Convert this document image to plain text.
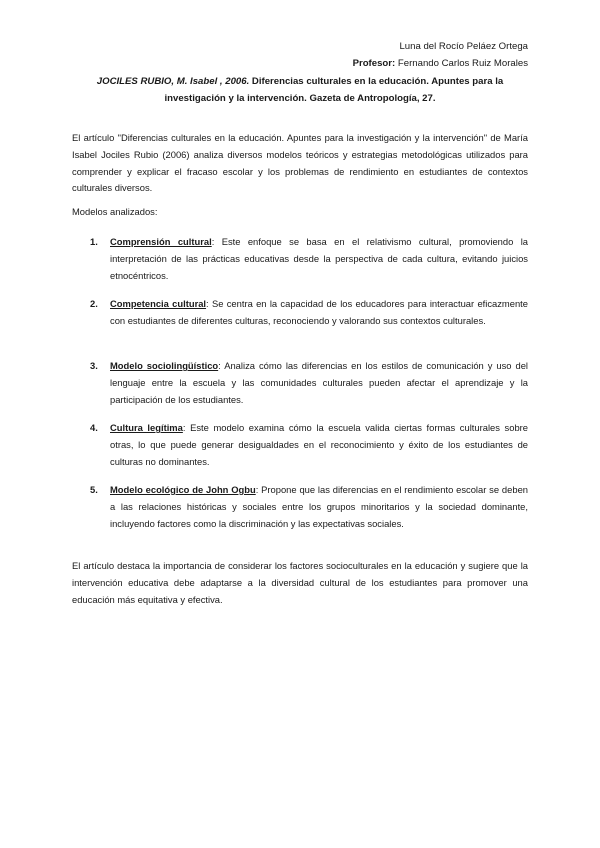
Luna del Rocío Peláez Ortega
Profesor: Fernando Carlos Ruiz Morales
JOCILES RUBIO, M. Isabel , 2006. Diferencias culturales en la educación. Apuntes para la investigación y la intervención. Gazeta de Antropología, 27.

El artículo "Diferencias culturales en la educación. Apuntes para la investigación y la intervención" de María Isabel Jociles Rubio (2006) analiza diversos modelos teóricos y estrategias metodológicas utilizados para comprender y explicar el fracaso escolar y los problemas de rendimiento en estudiantes de contextos culturales diversos.

Modelos analizados:
1. Comprensión cultural: Este enfoque se basa en el relativismo cultural, promoviendo la interpretación de las prácticas educativas desde la perspectiva de cada cultura, evitando juicios etnocéntricos.
2. Competencia cultural: Se centra en la capacidad de los educadores para interactuar eficazmente con estudiantes de diferentes culturas, reconociendo y valorando sus contextos culturales.
3. Modelo sociolingüístico: Analiza cómo las diferencias en los estilos de comunicación y uso del lenguaje entre la escuela y las comunidades culturales pueden afectar el aprendizaje y la participación de los estudiantes.
4. Cultura legítima: Este modelo examina cómo la escuela valida ciertas formas culturales sobre otras, lo que puede generar desigualdades en el reconocimiento y éxito de los estudiantes de culturas no dominantes.
5. Modelo ecológico de John Ogbu: Propone que las diferencias en el rendimiento escolar se deben a las relaciones históricas y sociales entre los grupos minoritarios y la sociedad dominante, incluyendo factores como la discriminación y las expectativas sociales.

El artículo destaca la importancia de considerar los factores socioculturales en la educación y sugiere que la intervención educativa debe adaptarse a la diversidad cultural de los estudiantes para promover una educación más equitativa y efectiva.
